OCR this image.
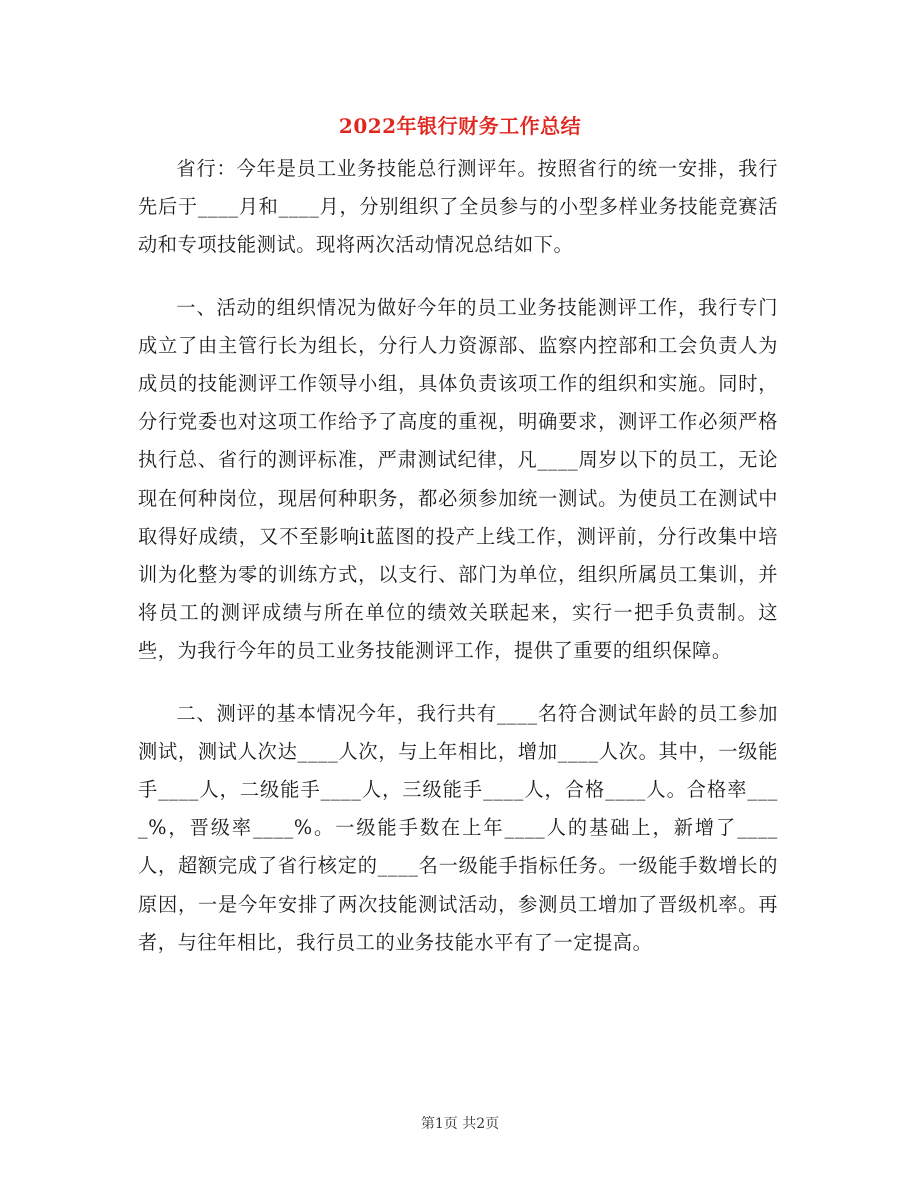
2022年银行财务工作总结

省行：今年是员工业务技能总行测评年。按照省行的统一安排，我行先后于____月和____月，分别组织了全员参与的小型多样业务技能竞赛活动和专项技能测试。现将两次活动情况总结如下。

一、活动的组织情况为做好今年的员工业务技能测评工作，我行专门成立了由主管行长为组长，分行人力资源部、监察内控部和工会负责人为成员的技能测评工作领导小组，具体负责该项工作的组织和实施。同时，分行党委也对这项工作给予了高度的重视，明确要求，测评工作必须严格执行总、省行的测评标准，严肃测试纪律，凡____周岁以下的员工，无论现在何种岗位，现居何种职务，都必须参加统一测试。为使员工在测试中取得好成绩，又不至影响it蓝图的投产上线工作，测评前，分行改集中培训为化整为零的训练方式，以支行、部门为单位，组织所属员工集训，并将员工的测评成绩与所在单位的绩效关联起来，实行一把手负责制。这些，为我行今年的员工业务技能测评工作，提供了重要的组织保障。

二、测评的基本情况今年，我行共有____名符合测试年龄的员工参加测试，测试人次达____人次，与上年相比，增加____人次。其中，一级能手____人，二级能手____人，三级能手____人，合格____人。合格率____%，晋级率____%。一级能手数在上年____人的基础上，新增了____人，超额完成了省行核定的____名一级能手指标任务。一级能手数增长的原因，一是今年安排了两次技能测试活动，参测员工增加了晋级机率。再者，与往年相比，我行员工的业务技能水平有了一定提高。

第1页 共2页
